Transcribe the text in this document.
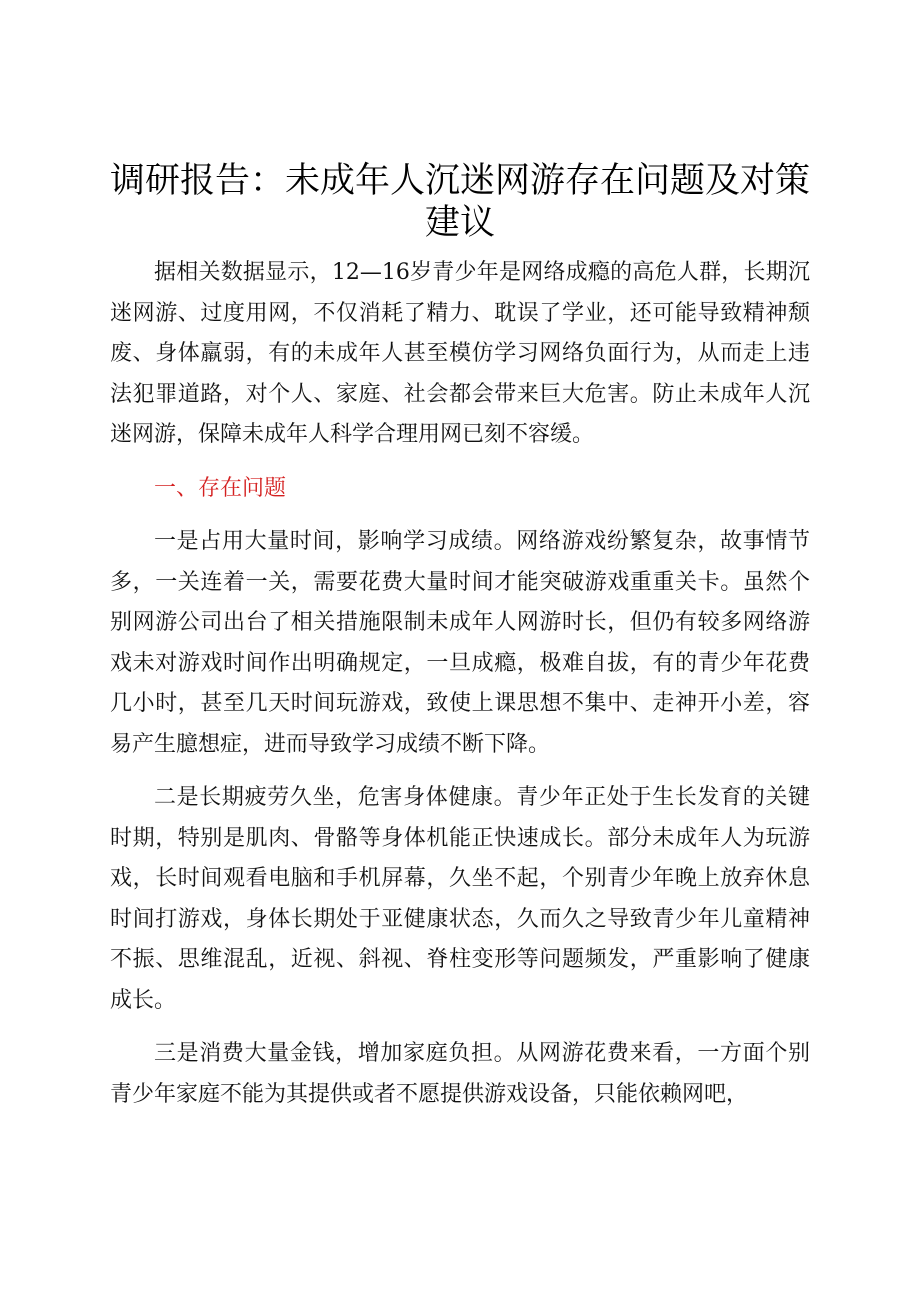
调研报告：未成年人沉迷网游存在问题及对策建议

据相关数据显示，12—16岁青少年是网络成瘾的高危人群，长期沉迷网游、过度用网，不仅消耗了精力、耽误了学业，还可能导致精神颓废、身体羸弱，有的未成年人甚至模仿学习网络负面行为，从而走上违法犯罪道路，对个人、家庭、社会都会带来巨大危害。防止未成年人沉迷网游，保障未成年人科学合理用网已刻不容缓。

一、存在问题

一是占用大量时间，影响学习成绩。网络游戏纷繁复杂，故事情节多，一关连着一关，需要花费大量时间才能突破游戏重重关卡。虽然个别网游公司出台了相关措施限制未成年人网游时长，但仍有较多网络游戏未对游戏时间作出明确规定，一旦成瘾，极难自拔，有的青少年花费几小时，甚至几天时间玩游戏，致使上课思想不集中、走神开小差，容易产生臆想症，进而导致学习成绩不断下降。

二是长期疲劳久坐，危害身体健康。青少年正处于生长发育的关键时期，特别是肌肉、骨骼等身体机能正快速成长。部分未成年人为玩游戏，长时间观看电脑和手机屏幕，久坐不起，个别青少年晚上放弃休息时间打游戏，身体长期处于亚健康状态，久而久之导致青少年儿童精神不振、思维混乱，近视、斜视、脊柱变形等问题频发，严重影响了健康成长。

三是消费大量金钱，增加家庭负担。从网游花费来看，一方面个别青少年家庭不能为其提供或者不愿提供游戏设备，只能依赖网吧，
